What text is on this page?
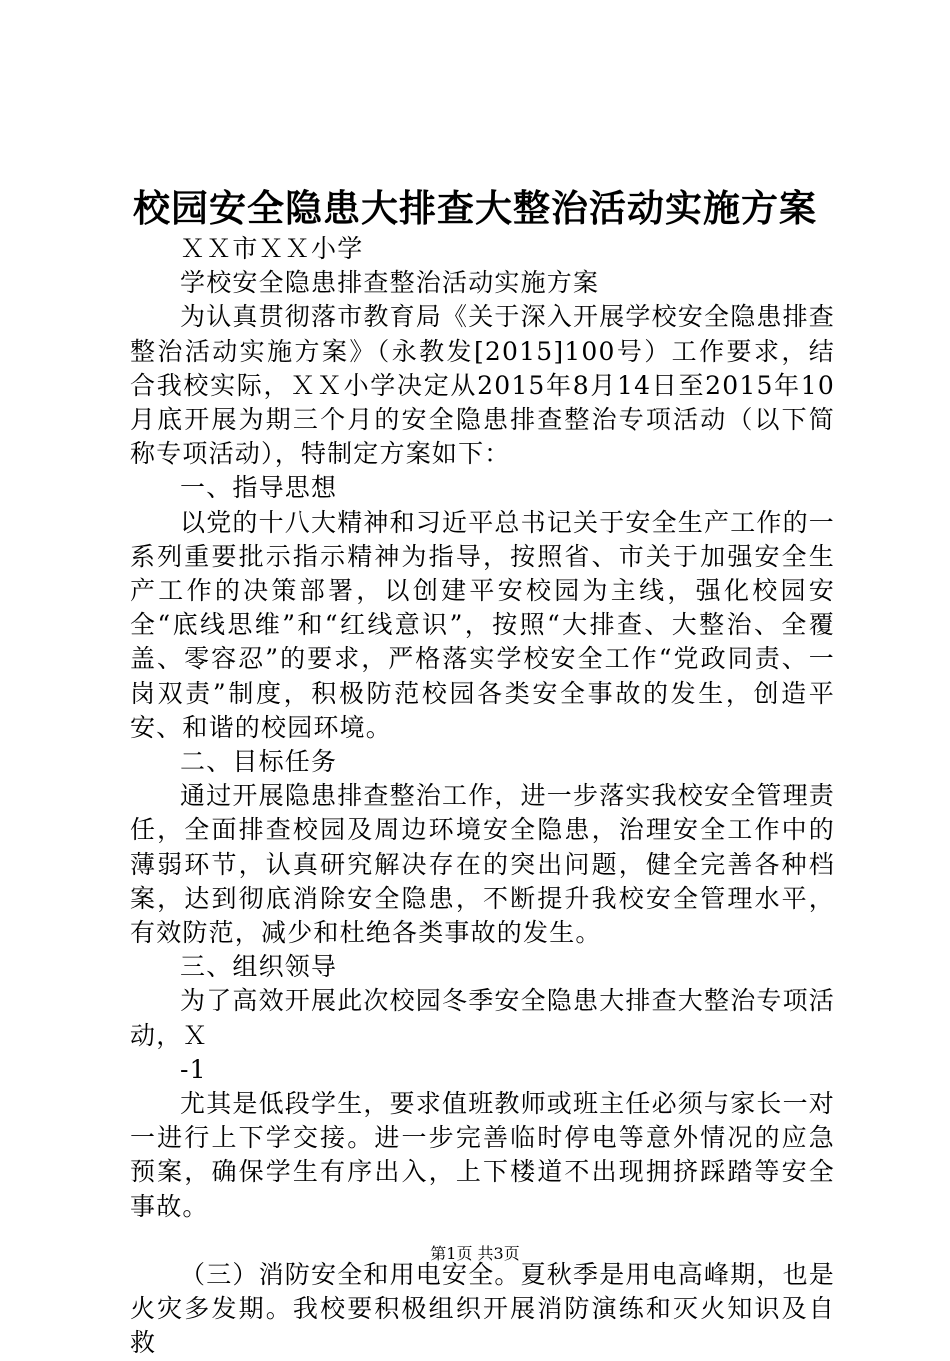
校园安全隐患大排查大整治活动实施方案

ＸＸ市ＸＸ小学

学校安全隐患排查整治活动实施方案

为认真贯彻落市教育局《关于深入开展学校安全隐患排查整治活动实施方案》（永教发[2015]100号）工作要求，结合我校实际，ＸＸ小学决定从2015年8月14日至2015年10月底开展为期三个月的安全隐患排查整治专项活动（以下简称专项活动），特制定方案如下：

一、指导思想

以党的十八大精神和习近平总书记关于安全生产工作的一系列重要批示指示精神为指导，按照省、市关于加强安全生产工作的决策部署，以创建平安校园为主线，强化校园安全“底线思维”和“红线意识”，按照“大排查、大整治、全覆盖、零容忍”的要求，严格落实学校安全工作“党政同责、一岗双责”制度，积极防范校园各类安全事故的发生，创造平安、和谐的校园环境。

二、目标任务

通过开展隐患排查整治工作，进一步落实我校安全管理责任，全面排查校园及周边环境安全隐患，治理安全工作中的薄弱环节，认真研究解决存在的突出问题，健全完善各种档案，达到彻底消除安全隐患，不断提升我校安全管理水平，有效防范，减少和杜绝各类事故的发生。

三、组织领导

为了高效开展此次校园冬季安全隐患大排查大整治专项活动，Ｘ

-1

尤其是低段学生，要求值班教师或班主任必须与家长一对一进行上下学交接。进一步完善临时停电等意外情况的应急预案，确保学生有序出入，上下楼道不出现拥挤踩踏等安全事故。

（三）消防安全和用电安全。夏秋季是用电高峰期，也是火灾多发期。我校要积极组织开展消防演练和灭火知识及自救

第1页 共3页
